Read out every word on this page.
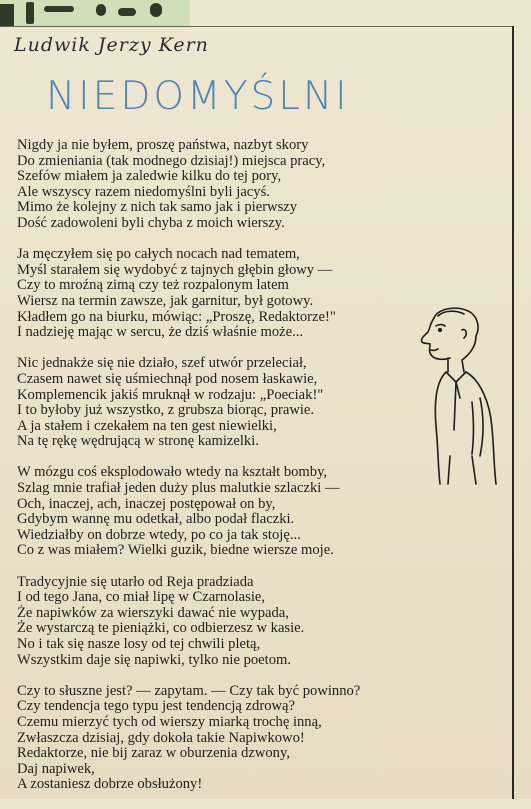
Ludwik Jerzy Kern
NIEDOMYŚLNI
Nigdy ja nie byłem, proszę państwa, nazbyt skory
Do zmieniania (tak modnego dzisiaj!) miejsca pracy,
Szefów miałem ja zaledwie kilku do tej pory,
Ale wszyscy razem niedomyślni byli jacyś.
Mimo że kolejny z nich tak samo jak i pierwszy
Dość zadowoleni byli chyba z moich wierszy.
Ja męczyłem się po całych nocach nad tematem,
Myśl starałem się wydobyć z tajnych głębin głowy —
Czy to mroźną zimą czy też rozpalonym latem
Wiersz na termin zawsze, jak garnitur, był gotowy.
Kładłem go na biurku, mówiąc: „Proszę, Redaktorze!"
I nadzieję mając w sercu, że dziś właśnie może...
Nic jednakże się nie działo, szef utwór przeleciał,
Czasem nawet się uśmiechnął pod nosem łaskawie,
Komplemencik jakiś mruknął w rodzaju: „Poeciak!"
I to byłoby już wszystko, z grubsza biorąc, prawie.
A ja stałem i czekałem na ten gest niewielki,
Na tę rękę wędrującą w stronę kamizelki.
W mózgu coś eksplodowało wtedy na kształt bomby,
Szlag mnie trafiał jeden duży plus malutkie szlaczki —
Och, inaczej, ach, inaczej postępował on by,
Gdybym wannę mu odetkał, albo podał flaczki.
Wiedziałby on dobrze wtedy, po co ja tak stoję...
Co z was miałem? Wielki guzik, biedne wiersze moje.
Tradycyjnie się utarło od Reja pradziada
I od tego Jana, co miał lipę w Czarnolasie,
Że napiwków za wierszyki dawać nie wypada,
Że wystarczą te pieniążki, co odbierzesz w kasie.
No i tak się nasze losy od tej chwili pletą,
Wszystkim daje się napiwki, tylko nie poetom.
Czy to słuszne jest? — zapytam. — Czy tak być powinno?
Czy tendencja tego typu jest tendencją zdrową?
Czemu mierzyć tych od wierszy miarką trochę inną,
Zwłaszcza dzisiaj, gdy dokoła takie Napiwkowo!
Redaktorze, nie bij zaraz w oburzenia dzwony,
Daj napiwek,
A zostaniesz dobrze obsłużony!
